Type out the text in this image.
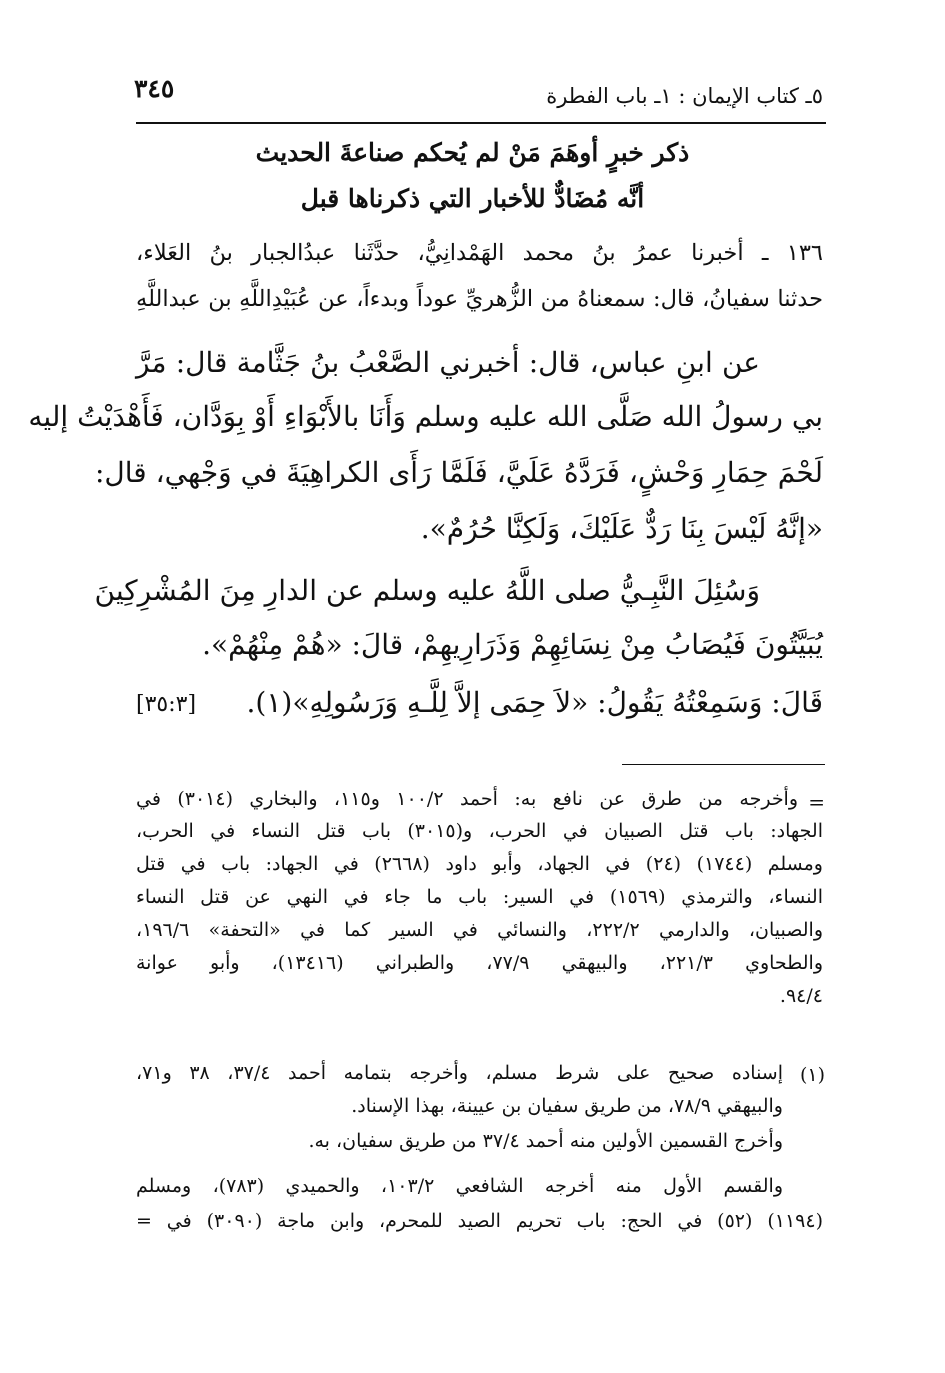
٣٤٥	٥ـ كتاب الإيمان : ١ـ باب الفطرة
ذكر خبرٍ أوهَمَ مَنْ لم يُحكم صناعةَ الحديث
أنَّه مُضَادٌّ للأخبار التي ذكرناها قبل
١٣٦ ـ أخبرنا عمرُ بنُ محمد الهَمْدانِيُّ، حدَّثَنا عبدُالجبار بنُ العَلاء،
حدثنا سفيانُ، قال: سمعناهُ من الزُّهريِّ عوداً وبدءاً، عن عُبَيْدِاللَّهِ بن عبداللَّهِ
عن ابنِ عباس، قال: أخبرني الصَّعْبُ بنُ جَثَّامة قال: مَرَّ
بي رسولُ الله صَلَّى الله عليه وسلم وَأَنَا بالأَبْوَاءِ أَوْ بِوَدَّان، فَأَهْدَيْتُ إليه
لَحْمَ حِمَارِ وَحْشٍ، فَرَدَّهُ عَلَيَّ، فَلَمَّا رَأَى الكراهِيَةَ في وَجْهي، قال:
«إنَّهُ لَيْسَ بِنَا رَدٌّ عَلَيْكَ، وَلَكِنَّا حُرُمٌ».
وَسُئِلَ النَّبِـيُّ صلى اللَّهُ عليه وسلم عن الدارِ مِنَ المُشْرِكِينَ
يُبَيَّتُونَ فَيُصَابُ مِنْ نِسَائِهِمْ وَذَرَارِيهِمْ، قالَ: «هُمْ مِنْهُمْ».
قَالَ: وَسَمِعْتُهُ يَقُولُ: «لاَ حِمَى إلاَّ لِلَّـهِ وَرَسُولِهِ»(١).
[٣٥:٣]
=
وأخرجه من طرق عن نافع به: أحمد ١٠٠/٢ و١١٥، والبخاري (٣٠١٤) في
الجهاد: باب قتل الصبيان في الحرب، و(٣٠١٥) باب قتل النساء في الحرب،
ومسلم (١٧٤٤) (٢٤) في الجهاد، وأبو داود (٢٦٦٨) في الجهاد: باب في قتل
النساء، والترمذي (١٥٦٩) في السير: باب ما جاء في النهي عن قتل النساء
والصبيان، والدارمي ٢٢٢/٢، والنسائي في السير كما في «التحفة» ١٩٦/٦،
والطحاوي ٢٢١/٣، والبيهقي ٧٧/٩، والطبراني (١٣٤١٦)، وأبو عوانة
٩٤/٤.
(١)
إسناده صحيح على شرط مسلم، وأخرجه بتمامه أحمد ٣٧/٤، ٣٨ و٧١،
والبيهقي ٧٨/٩، من طريق سفيان بن عيينة، بهذا الإسناد.
وأخرج القسمين الأولين منه أحمد ٣٧/٤ من طريق سفيان، به.
والقسم الأول منه أخرجه الشافعي ١٠٣/٢، والحميدي (٧٨٣)، ومسلم
(١١٩٤) (٥٢) في الحج: باب تحريم الصيد للمحرم، وابن ماجة (٣٠٩٠) في =
